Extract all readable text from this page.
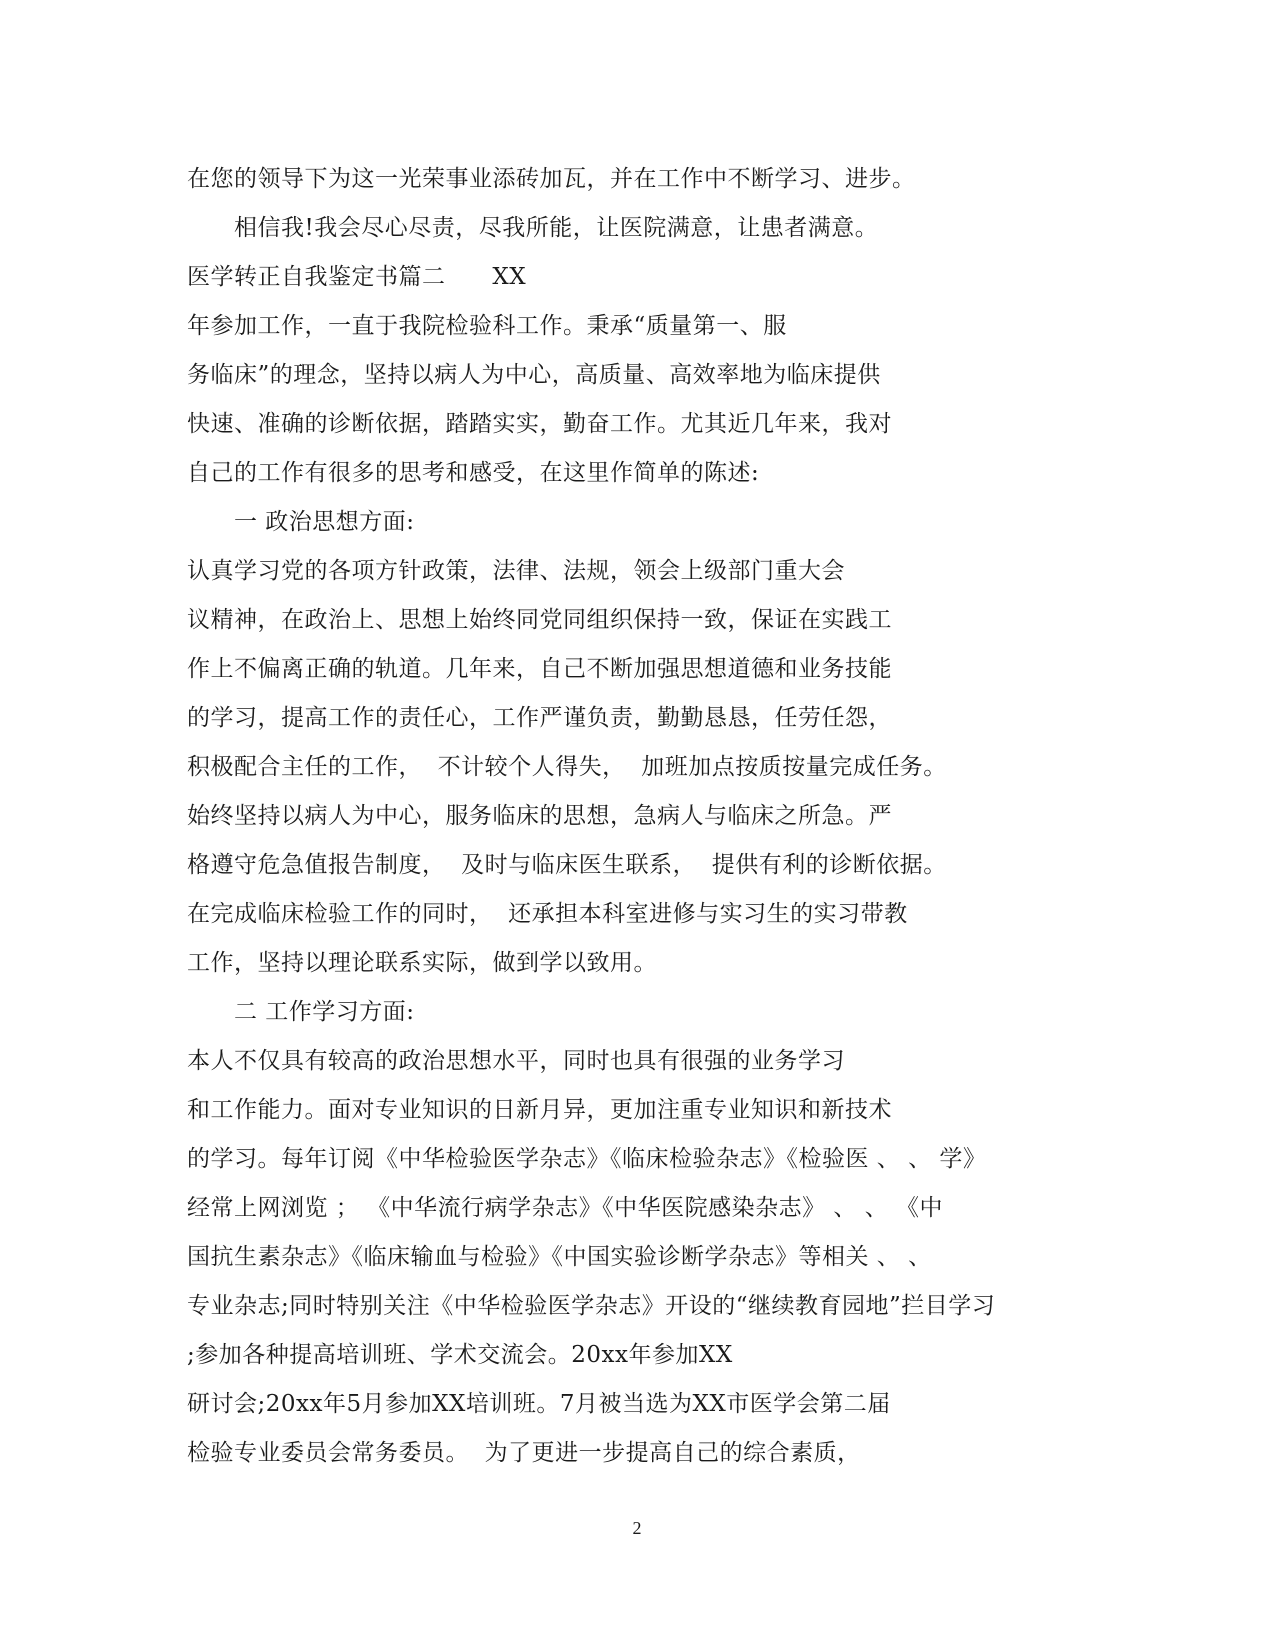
在您的领导下为这一光荣事业添砖加瓦，并在工作中不断学习、进步。
相信我!我会尽心尽责，尽我所能，让医院满意，让患者满意。
医学转正自我鉴定书篇二      XX
年参加工作，一直于我院检验科工作。秉承“质量第一、服
务临床”的理念，坚持以病人为中心，高质量、高效率地为临床提供
快速、准确的诊断依据，踏踏实实，勤奋工作。尤其近几年来，我对
自己的工作有很多的思考和感受，在这里作简单的陈述:
一 政治思想方面:
认真学习党的各项方针政策，法律、法规，领会上级部门重大会
议精神，在政治上、思想上始终同党同组织保持一致，保证在实践工
作上不偏离正确的轨道。几年来，自己不断加强思想道德和业务技能
的学习，提高工作的责任心，工作严谨负责，勤勤恳恳，任劳任怨，
积极配合主任的工作，  不计较个人得失，  加班加点按质按量完成任务。
始终坚持以病人为中心，服务临床的思想，急病人与临床之所急。严
格遵守危急值报告制度，  及时与临床医生联系，  提供有利的诊断依据。
在完成临床检验工作的同时，  还承担本科室进修与实习生的实习带教
工作，坚持以理论联系实际，做到学以致用。
二 工作学习方面:
本人不仅具有较高的政治思想水平，同时也具有很强的业务学习
和工作能力。面对专业知识的日新月异，更加注重专业知识和新技术
的学习。每年订阅《中华检验医学杂志》《临床检验杂志》《检验医 、 、 学》
经常上网浏览 ； 《中华流行病学杂志》《中华医院感染杂志》 、 、 《中
国抗生素杂志》《临床输血与检验》《中国实验诊断学杂志》等相关 、 、
专业杂志;同时特别关注《中华检验医学杂志》开设的“继续教育园地”拦目学习
;参加各种提高培训班、学术交流会。20xx年参加XX
研讨会;20xx年5月参加XX培训班。7月被当选为XX市医学会第二届
检验专业委员会常务委员。  为了更进一步提高自己的综合素质，
2
